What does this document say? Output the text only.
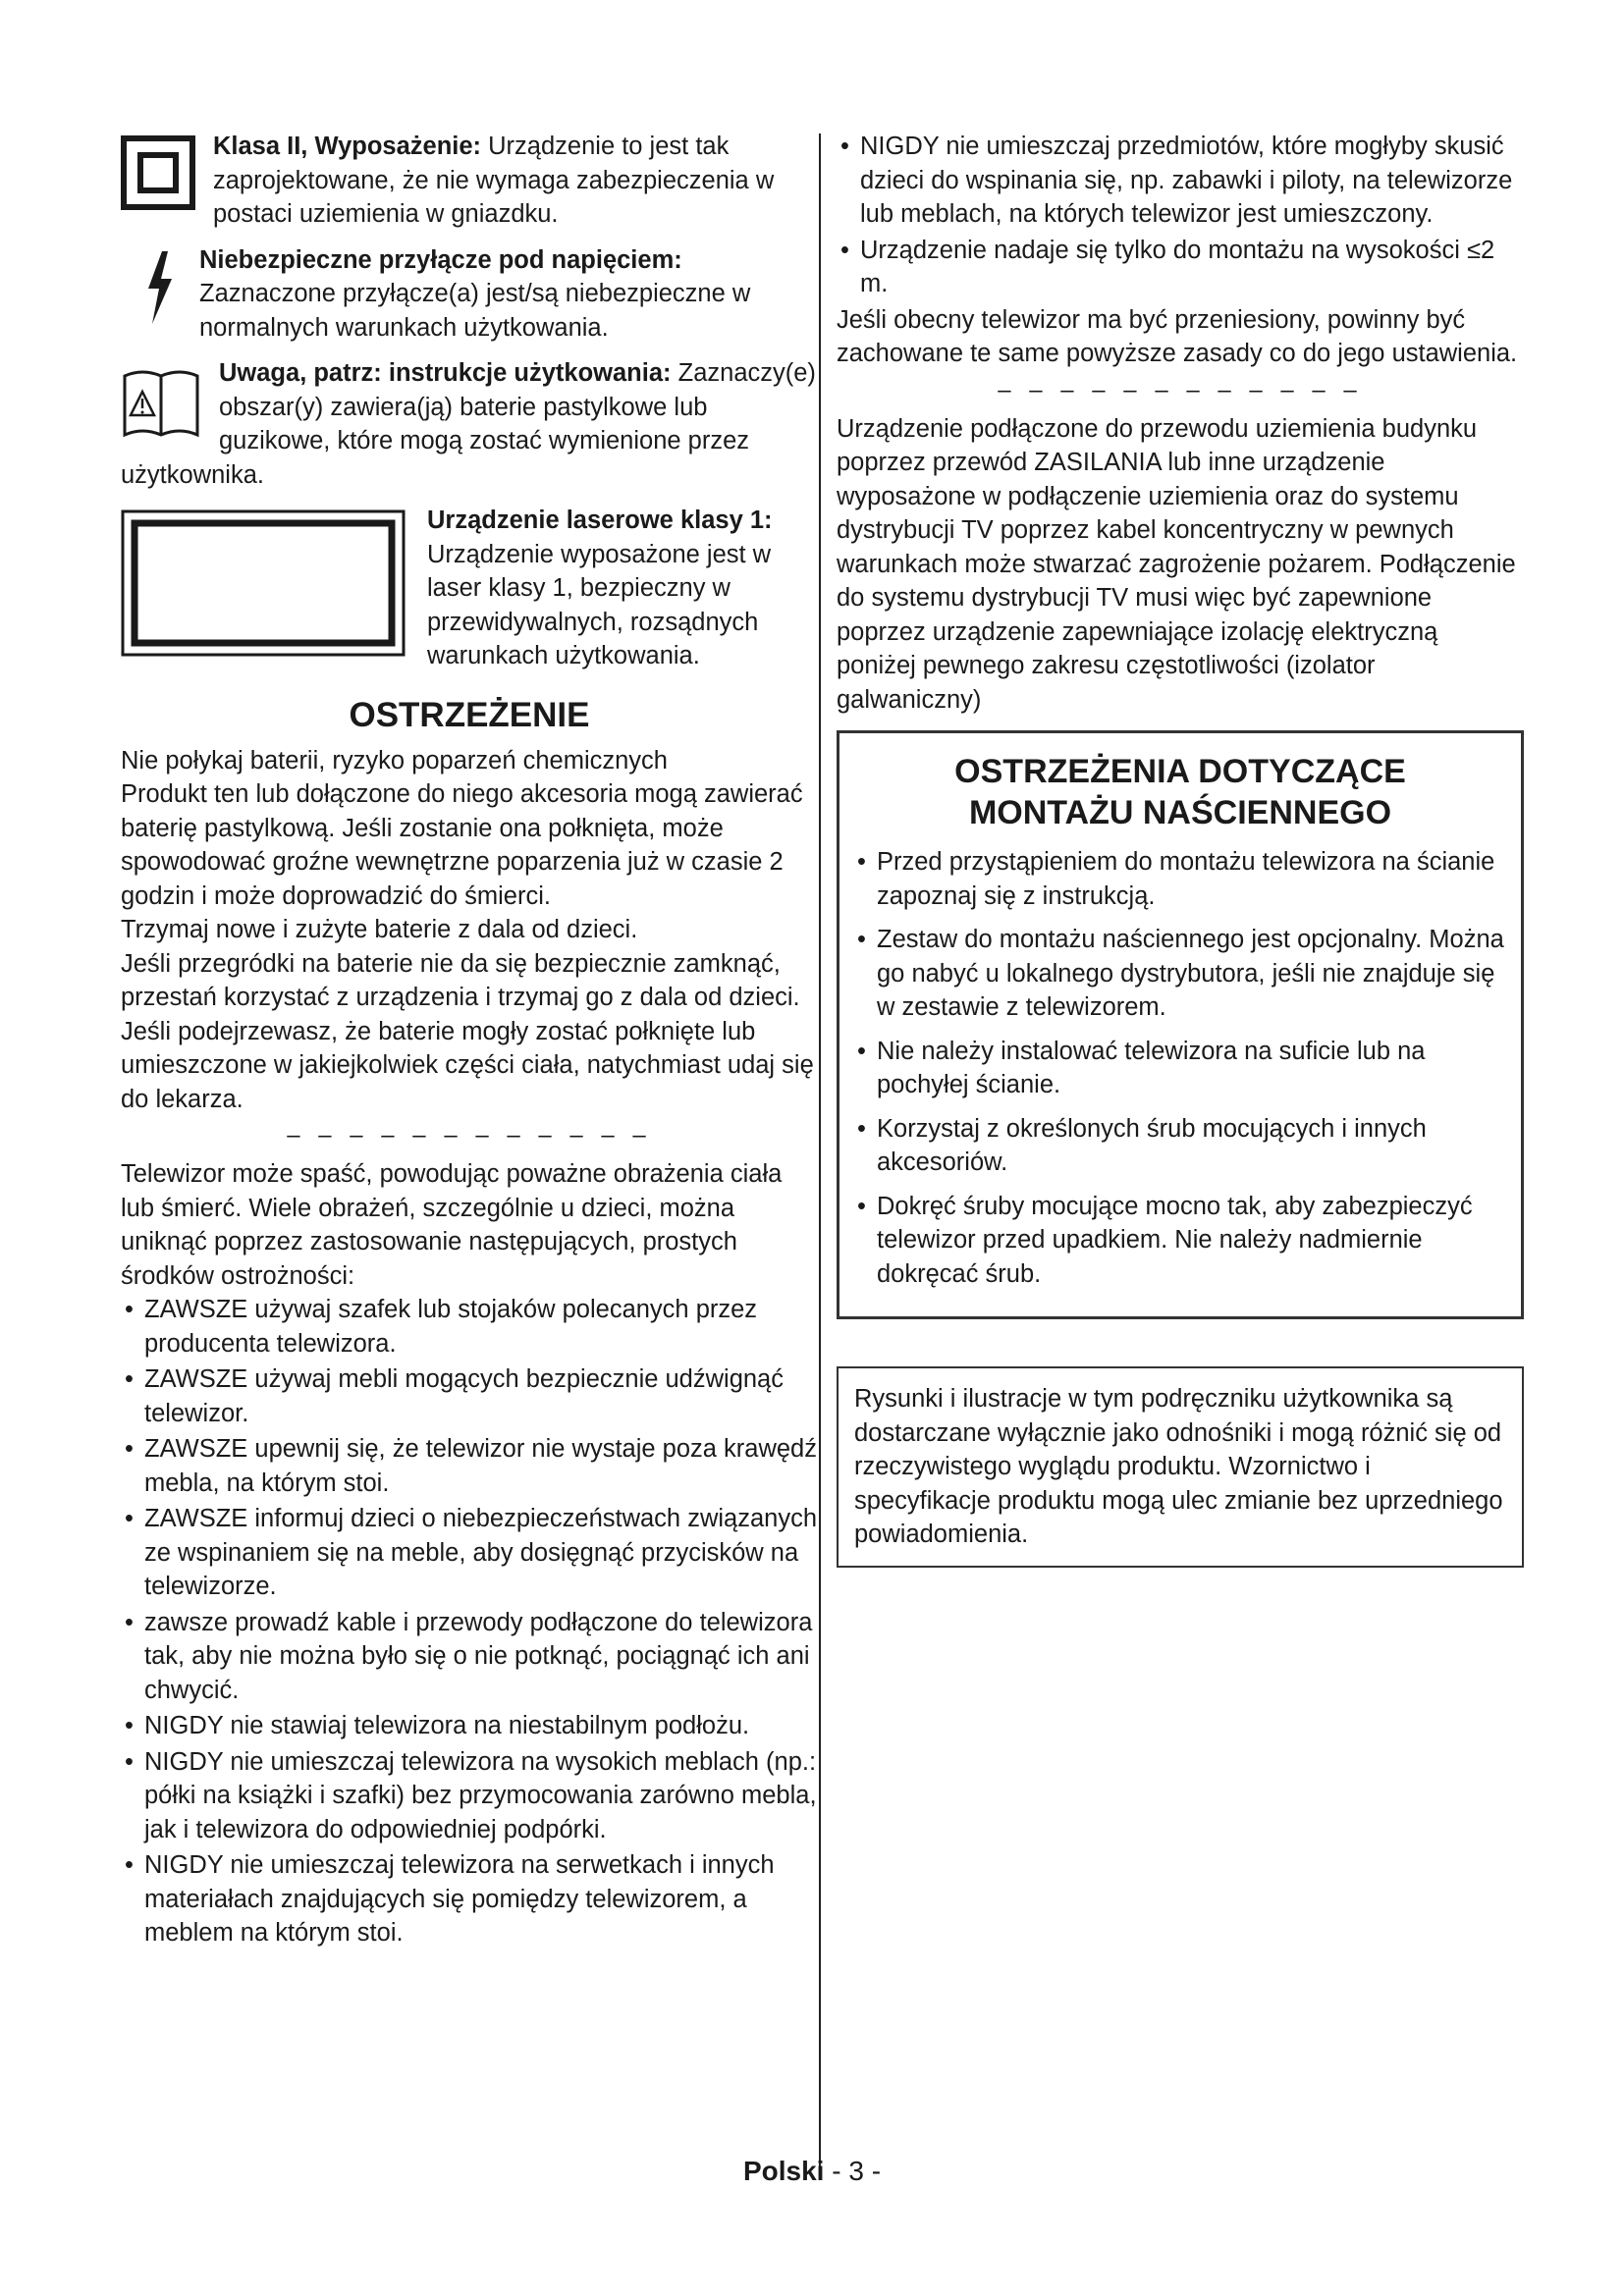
Klasa II, Wyposażenie: Urządzenie to jest tak zaprojektowane, że nie wymaga zabezpieczenia w postaci uziemienia w gniazdku.

Niebezpieczne przyłącze pod napięciem: Zaznaczone przyłącze(a) jest/są niebezpieczne w normalnych warunkach użytkowania.

Uwaga, patrz: instrukcje użytkowania: Zaznaczy(e) obszar(y) zawiera(ją) baterie pastylkowe lub guzikowe, które mogą zostać wymienione przez użytkownika.

Urządzenie laserowe klasy 1: Urządzenie wyposażone jest w laser klasy 1, bezpieczny w przewidywalnych, rozsądnych warunkach użytkowania.

OSTRZEŻENIE

Nie połykaj baterii, ryzyko poparzeń chemicznych

Produkt ten lub dołączone do niego akcesoria mogą zawierać baterię pastylkową. Jeśli zostanie ona połknięta, może spowodować groźne wewnętrzne poparzenia już w czasie 2 godzin i może doprowadzić do śmierci.

Trzymaj nowe i zużyte baterie z dala od dzieci.

Jeśli przegródki na baterie nie da się bezpiecznie zamknąć, przestań korzystać z urządzenia i trzymaj go z dala od dzieci.

Jeśli podejrzewasz, że baterie mogły zostać połknięte lub umieszczone w jakiejkolwiek części ciała, natychmiast udaj się do lekarza.

– – – – – – – – – – – –

Telewizor może spaść, powodując poważne obrażenia ciała lub śmierć. Wiele obrażeń, szczególnie u dzieci, można uniknąć poprzez zastosowanie następujących, prostych środków ostrożności:

• ZAWSZE używaj szafek lub stojaków polecanych przez producenta telewizora.
• ZAWSZE używaj mebli mogących bezpiecznie udźwignąć telewizor.
• ZAWSZE upewnij się, że telewizor nie wystaje poza krawędź mebla, na którym stoi.
• ZAWSZE informuj dzieci o niebezpieczeństwach związanych ze wspinaniem się na meble, aby dosięgnąć przycisków na telewizorze.
• zawsze prowadź kable i przewody podłączone do telewizora tak, aby nie można było się o nie potknąć, pociągnąć ich ani chwycić.
• NIGDY nie stawiaj telewizora na niestabilnym podłożu.
• NIGDY nie umieszczaj telewizora na wysokich meblach (np.: półki na książki i szafki) bez przymocowania zarówno mebla, jak i telewizora do odpowiedniej podpórki.
• NIGDY nie umieszczaj telewizora na serwetkach i innych materiałach znajdujących się pomiędzy telewizorem, a meblem na którym stoi.
• NIGDY nie umieszczaj przedmiotów, które mogłyby skusić dzieci do wspinania się, np. zabawki i piloty, na telewizorze lub meblach, na których telewizor jest umieszczony.
• Urządzenie nadaje się tylko do montażu na wysokości ≤2 m.

Jeśli obecny telewizor ma być przeniesiony, powinny być zachowane te same powyższe zasady co do jego ustawienia.

– – – – – – – – – – – –

Urządzenie podłączone do przewodu uziemienia budynku poprzez przewód ZASILANIA lub inne urządzenie wyposażone w podłączenie uziemienia oraz do systemu dystrybucji TV poprzez kabel koncentryczny w pewnych warunkach może stwarzać zagrożenie pożarem. Podłączenie do systemu dystrybucji TV musi więc być zapewnione poprzez urządzenie zapewniające izolację elektryczną poniżej pewnego zakresu częstotliwości (izolator galwaniczny)

OSTRZEŻENIA DOTYCZĄCE
MONTAŻU NAŚCIENNEGO
• Przed przystąpieniem do montażu telewizora na ścianie zapoznaj się z instrukcją.
• Zestaw do montażu naściennego jest opcjonalny. Można go nabyć u lokalnego dystrybutora, jeśli nie znajduje się w zestawie z telewizorem.
• Nie należy instalować telewizora na suficie lub na pochyłej ścianie.
• Korzystaj z określonych śrub mocujących i innych akcesoriów.
• Dokręć śruby mocujące mocno tak, aby zabezpieczyć telewizor przed upadkiem. Nie należy nadmiernie dokręcać śrub.

Rysunki i ilustracje w tym podręczniku użytkownika są dostarczane wyłącznie jako odnośniki i mogą różnić się od rzeczywistego wyglądu produktu. Wzornictwo i specyfikacje produktu mogą ulec zmianie bez uprzedniego powiadomienia.

Polski - 3 -
